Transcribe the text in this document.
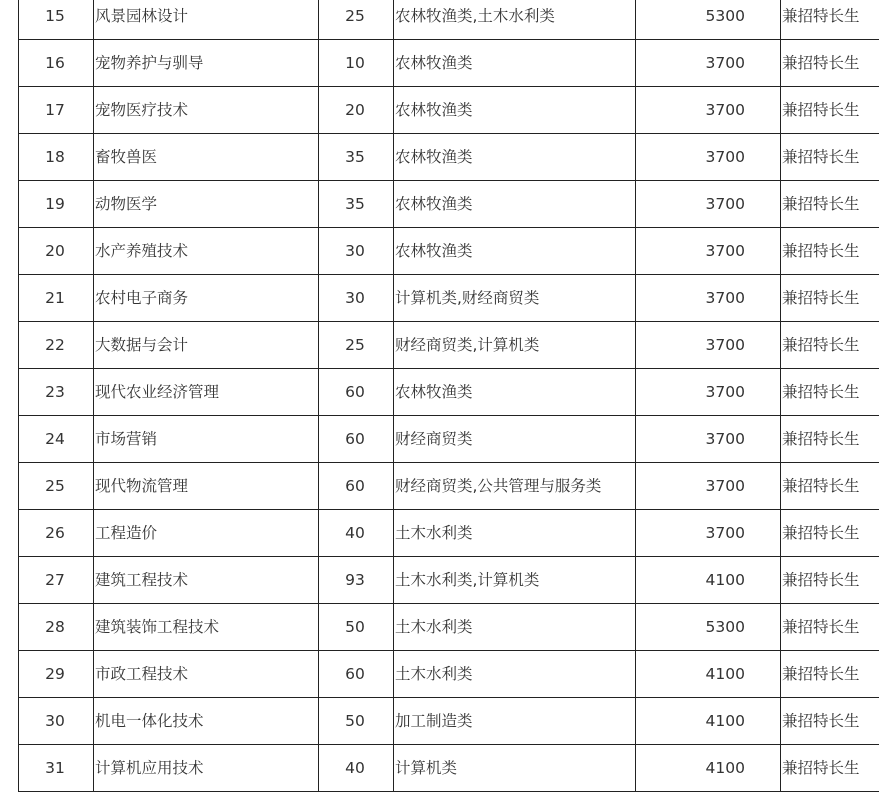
15	风景园林设计	25	农林牧渔类,土木水利类	5300	兼招特长生
16	宠物养护与驯导	10	农林牧渔类	3700	兼招特长生
17	宠物医疗技术	20	农林牧渔类	3700	兼招特长生
18	畜牧兽医	35	农林牧渔类	3700	兼招特长生
19	动物医学	35	农林牧渔类	3700	兼招特长生
20	水产养殖技术	30	农林牧渔类	3700	兼招特长生
21	农村电子商务	30	计算机类,财经商贸类	3700	兼招特长生
22	大数据与会计	25	财经商贸类,计算机类	3700	兼招特长生
23	现代农业经济管理	60	农林牧渔类	3700	兼招特长生
24	市场营销	60	财经商贸类	3700	兼招特长生
25	现代物流管理	60	财经商贸类,公共管理与服务类	3700	兼招特长生
26	工程造价	40	土木水利类	3700	兼招特长生
27	建筑工程技术	93	土木水利类,计算机类	4100	兼招特长生
28	建筑装饰工程技术	50	土木水利类	5300	兼招特长生
29	市政工程技术	60	土木水利类	4100	兼招特长生
30	机电一体化技术	50	加工制造类	4100	兼招特长生
31	计算机应用技术	40	计算机类	4100	兼招特长生
